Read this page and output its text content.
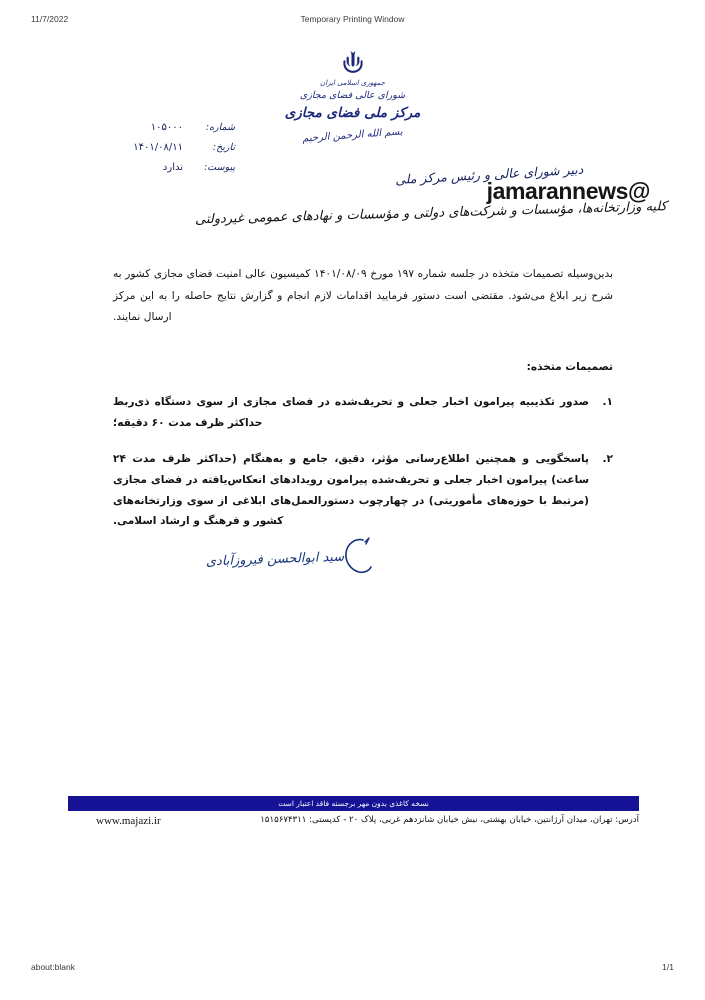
11/7/2022	Temporary Printing Window
جمهوری اسلامی ایران
شورای عالی فضای مجازی
مرکز ملی فضای مجازی
بسم الله الرحمن الرحیم
شماره:
۱۰۵۰۰۰
تاریخ:
۱۴۰۱/۰۸/۱۱
پیوست:
ندارد	دبیر شورای عالی و رئیس مرکز ملی
@jamarannews
کلیه وزارتخانه‌ها، مؤسسات و شرکت‌های دولتی و مؤسسات و نهادهای عمومی غیردولتی
بدین‌وسیله تصمیمات متخذه در جلسه شماره ۱۹۷ مورخ ۱۴۰۱/۰۸/۰۹ کمیسیون عالی امنیت فضای مجازی کشور به شرح زیر ابلاغ می‌شود. مقتضی است دستور فرمایید اقدامات لازم انجام و گزارش نتایج حاصله را به این مرکز ارسال نمایند.
تصمیمات متخذه:
۱.
صدور تکذیبیه پیرامون اخبار جعلی و تحریف‌شده در فضای مجازی از سوی دستگاه ذی‌ربط حداکثر ظرف مدت ۶۰ دقیقه؛
۲.
پاسخگویی و همچنین اطلاع‌رسانی مؤثر، دقیق، جامع و به‌هنگام (حداکثر ظرف مدت ۲۴ ساعت) پیرامون اخبار جعلی و تحریف‌شده پیرامون رویدادهای انعکاس‌یافته در فضای مجازی (مرتبط با حوزه‌های مأموریتی) در چهارچوب دستورالعمل‌های ابلاغی از سوی وزارتخانه‌های کشور و فرهنگ و ارشاد اسلامی.
سید ابوالحسن فیروزآبادی
نسخه کاغذی بدون مهر برجسته فاقد اعتبار است
آدرس: تهران، میدان آرژانتین، خیابان بهشتی، نبش خیابان شانزدهم غربی، پلاک ۲۰ - کدپستی: ۱۵۱۵۶۷۴۳۱۱
www.majazi.ir
about:blank	1/1
